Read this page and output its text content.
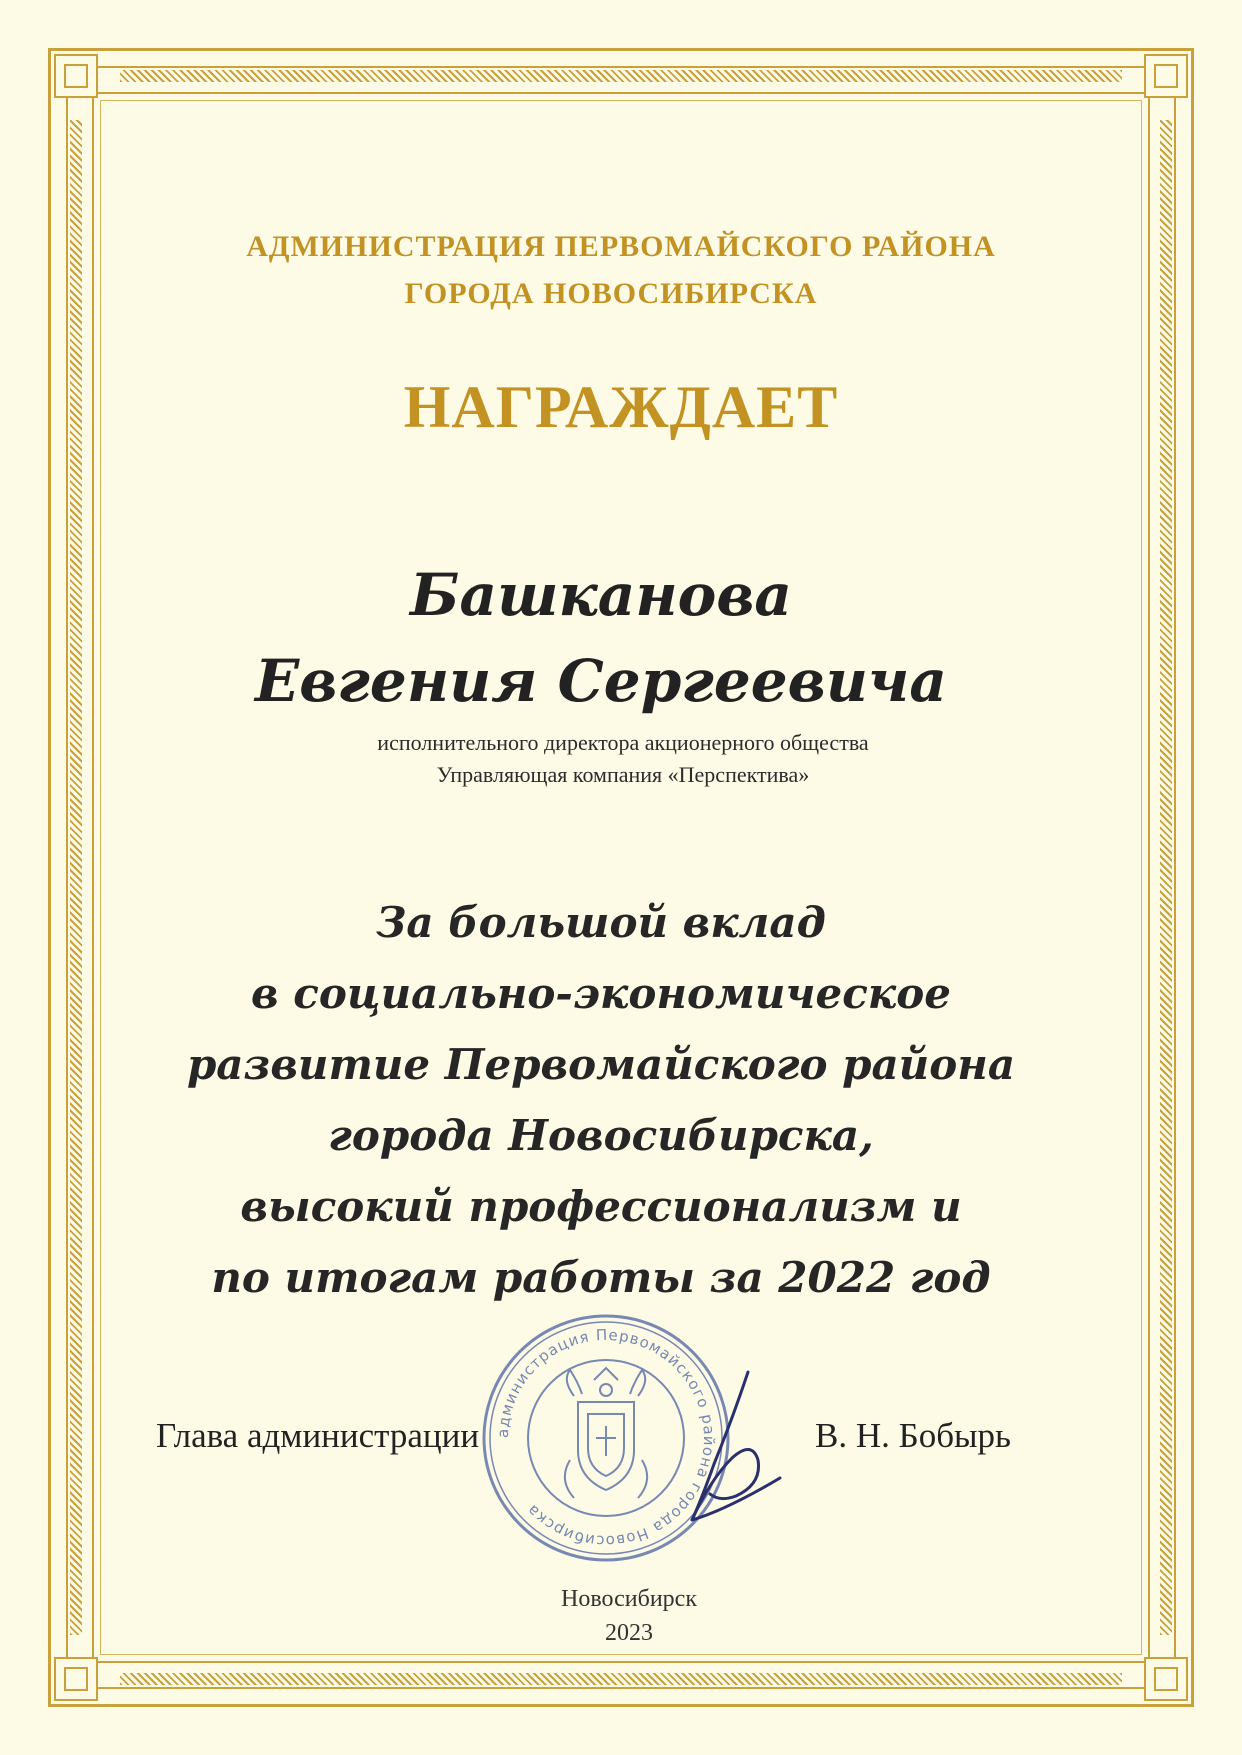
АДМИНИСТРАЦИЯ ПЕРВОМАЙСКОГО РАЙОНА
ГОРОДА НОВОСИБИРСКА
НАГРАЖДАЕТ
Башканова
Евгения Сергеевича
исполнительного директора акционерного общества
Управляющая компания «Перспектива»
За большой вклад
в социально-экономическое
развитие Первомайского района
города Новосибирска,
высокий профессионализм и
по итогам работы за 2022 год
администрация Первомайского района города Новосибирска
Глава администрации	В. Н. Бобырь
Новосибирск
2023
